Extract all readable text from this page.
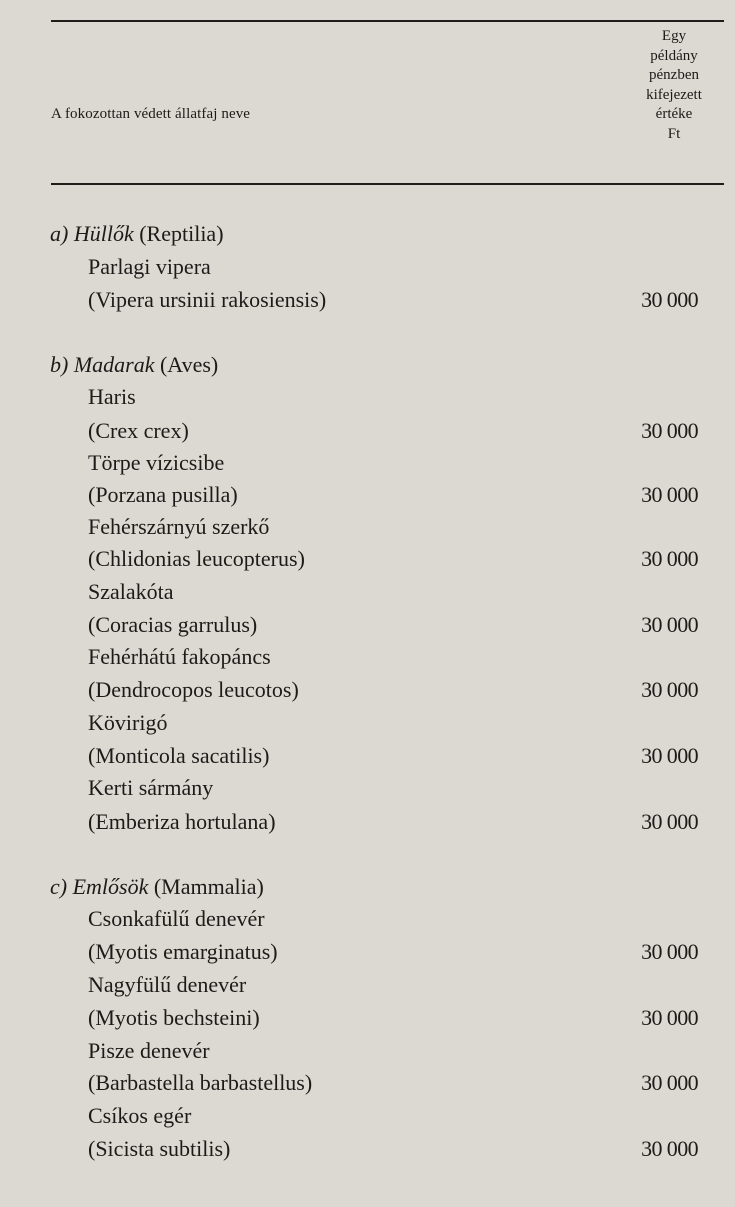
A fokozottan védett állatfaj neve
Egy
példány
pénzben
kifejezett
értéke
Ft
a) Hüllők (Reptilia)
Parlagi vipera
(Vipera ursinii rakosiensis)	30 000
b) Madarak (Aves)
Haris
(Crex crex)	30 000
Törpe vízicsibe
(Porzana pusilla)	30 000
Fehérszárnyú szerkő
(Chlidonias leucopterus)	30 000
Szalakóta
(Coracias garrulus)	30 000
Fehérhátú fakopáncs
(Dendrocopos leucotos)	30 000
Kövirigó
(Monticola sacatilis)	30 000
Kerti sármány
(Emberiza hortulana)	30 000
c) Emlősök (Mammalia)
Csonkafülű denevér
(Myotis emarginatus)	30 000
Nagyfülű denevér
(Myotis bechsteini)	30 000
Pisze denevér
(Barbastella barbastellus)	30 000
Csíkos egér
(Sicista subtilis)	30 000
